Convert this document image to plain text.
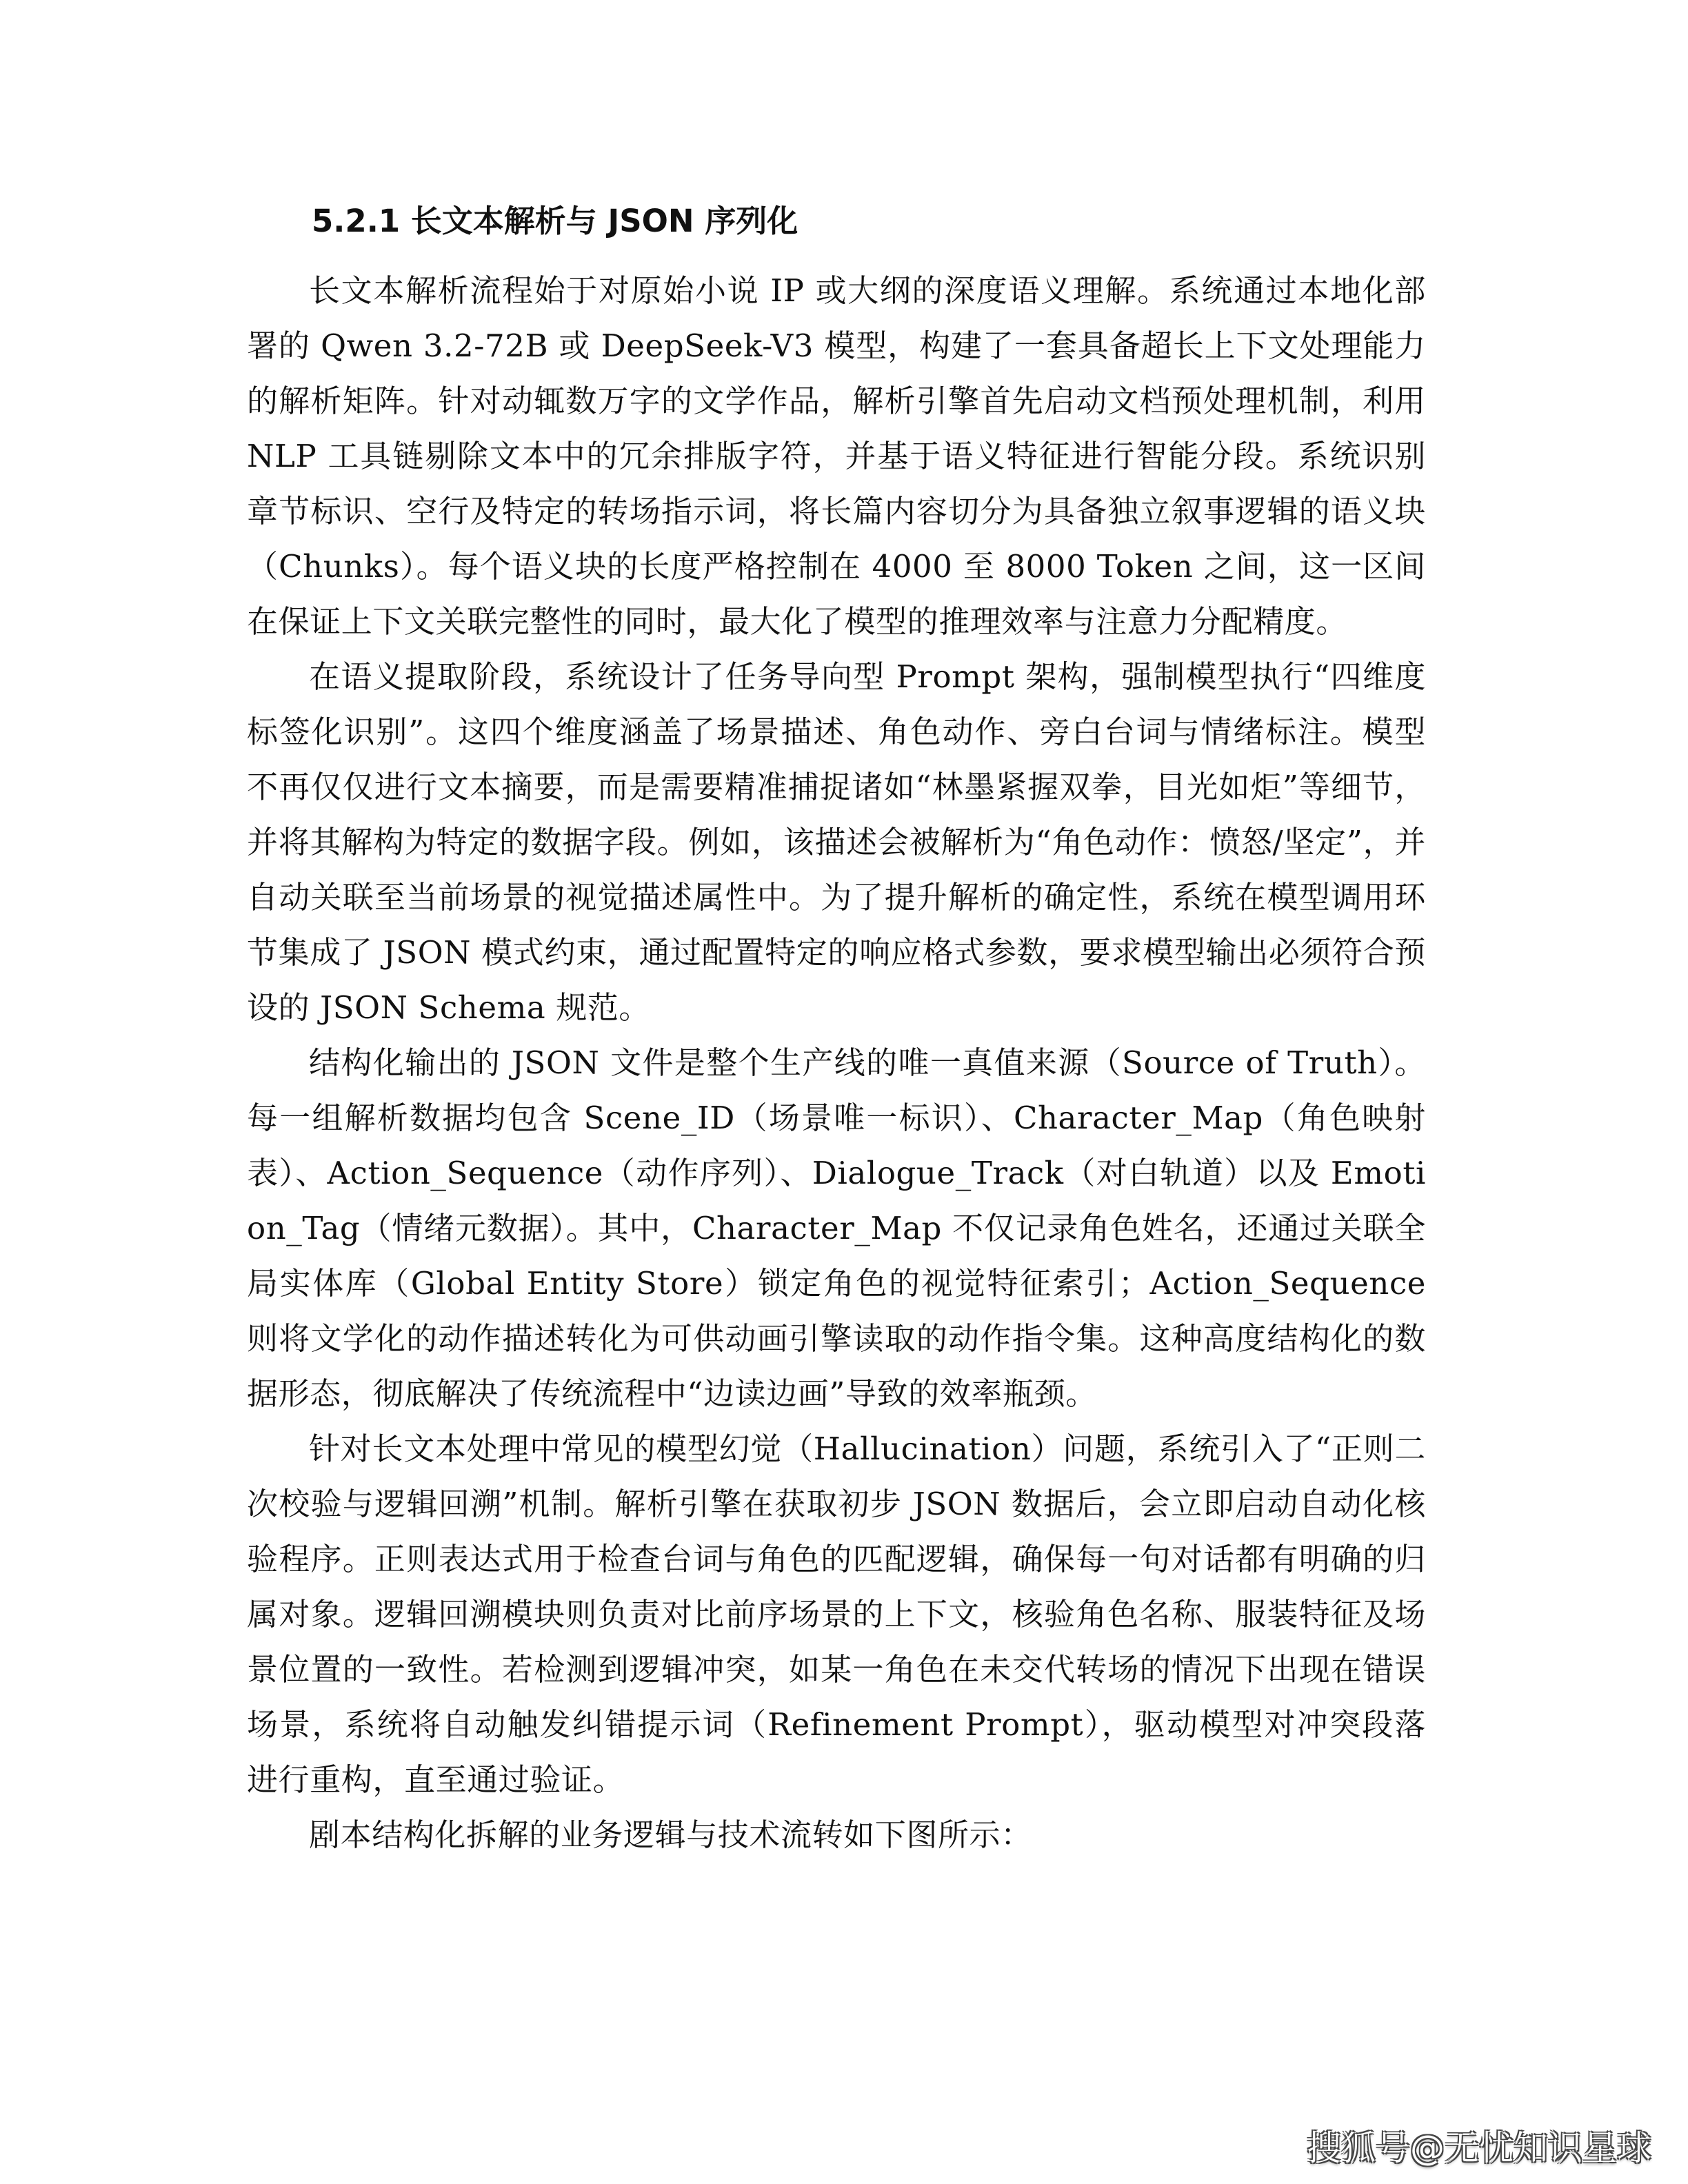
5.2.1 长文本解析与 JSON 序列化

长文本解析流程始于对原始小说 IP 或大纲的深度语义理解。系统通过本地化部署的 Qwen 3.2-72B 或 DeepSeek-V3 模型，构建了一套具备超长上下文处理能力的解析矩阵。针对动辄数万字的文学作品，解析引擎首先启动文档预处理机制，利用 NLP 工具链剔除文本中的冗余排版字符，并基于语义特征进行智能分段。系统识别章节标识、空行及特定的转场指示词，将长篇内容切分为具备独立叙事逻辑的语义块（Chunks）。每个语义块的长度严格控制在 4000 至 8000 Token 之间，这一区间在保证上下文关联完整性的同时，最大化了模型的推理效率与注意力分配精度。

在语义提取阶段，系统设计了任务导向型 Prompt 架构，强制模型执行“四维度标签化识别”。这四个维度涵盖了场景描述、角色动作、旁白台词与情绪标注。模型不再仅仅进行文本摘要，而是需要精准捕捉诸如“林墨紧握双拳，目光如炬”等细节，并将其解构为特定的数据字段。例如，该描述会被解析为“角色动作：愤怒/坚定”，并自动关联至当前场景的视觉描述属性中。为了提升解析的确定性，系统在模型调用环节集成了 JSON 模式约束，通过配置特定的响应格式参数，要求模型输出必须符合预设的 JSON Schema 规范。

结构化输出的 JSON 文件是整个生产线的唯一真值来源（Source of Truth）。每一组解析数据均包含 Scene_ID（场景唯一标识）、Character_Map（角色映射表）、Action_Sequence（动作序列）、Dialogue_Track（对白轨道）以及 Emotion_Tag（情绪元数据）。其中，Character_Map 不仅记录角色姓名，还通过关联全局实体库（Global Entity Store）锁定角色的视觉特征索引；Action_Sequence 则将文学化的动作描述转化为可供动画引擎读取的动作指令集。这种高度结构化的数据形态，彻底解决了传统流程中“边读边画”导致的效率瓶颈。

针对长文本处理中常见的模型幻觉（Hallucination）问题，系统引入了“正则二次校验与逻辑回溯”机制。解析引擎在获取初步 JSON 数据后，会立即启动自动化核验程序。正则表达式用于检查台词与角色的匹配逻辑，确保每一句对话都有明确的归属对象。逻辑回溯模块则负责对比前序场景的上下文，核验角色名称、服装特征及场景位置的一致性。若检测到逻辑冲突，如某一角色在未交代转场的情况下出现在错误场景，系统将自动触发纠错提示词（Refinement Prompt），驱动模型对冲突段落进行重构，直至通过验证。

剧本结构化拆解的业务逻辑与技术流转如下图所示：

搜狐号@无忧知识星球
